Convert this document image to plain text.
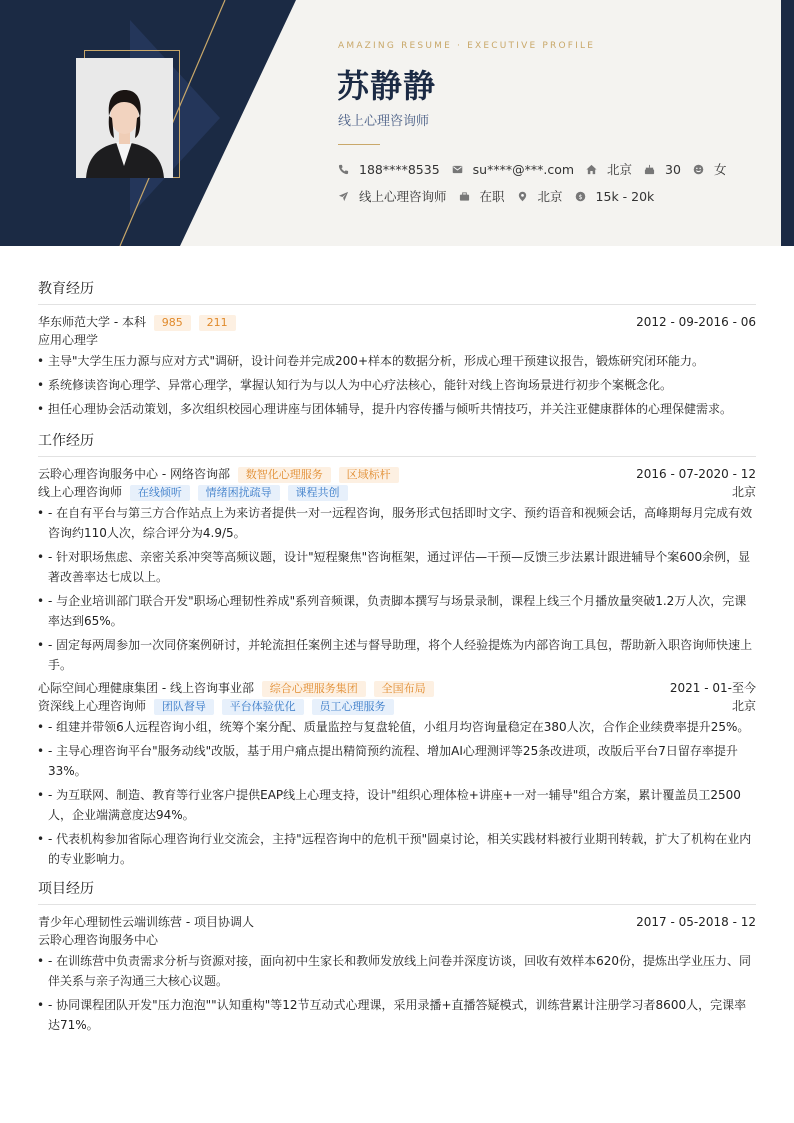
AMAZING RESUME · EXECUTIVE PROFILE
苏静静
线上心理咨询师
188****8535	su****@***.com	北京	30	女
线上心理咨询师	在职	北京 $ 15k - 20k
教育经历
华东师范大学 - 本科 985 211	2012 - 09-2016 - 06
应用心理学
• 主导"大学生压力源与应对方式"调研，设计问卷并完成200+样本的数据分析，形成心理干预建议报告，锻炼研究闭环能力。
• 系统修读咨询心理学、异常心理学，掌握认知行为与以人为中心疗法核心，能针对线上咨询场景进行初步个案概念化。
• 担任心理协会活动策划，多次组织校园心理讲座与团体辅导，提升内容传播与倾听共情技巧，并关注亚健康群体的心理保健需求。
工作经历
云聆心理咨询服务中心 - 网络咨询部 数智化心理服务 区域标杆	2016 - 07-2020 - 12
线上心理咨询师 在线倾听 情绪困扰疏导 课程共创	北京
• - 在自有平台与第三方合作站点上为来访者提供一对一远程咨询，服务形式包括即时文字、预约语音和视频会话，高峰期每月完成有效咨询约110人次，综合评分为4.9/5。
• - 针对职场焦虑、亲密关系冲突等高频议题，设计"短程聚焦"咨询框架，通过评估—干预—反馈三步法累计跟进辅导个案600余例，显著改善率达七成以上。
• - 与企业培训部门联合开发"职场心理韧性养成"系列音频课，负责脚本撰写与场景录制，课程上线三个月播放量突破1.2万人次，完课率达到65%。
• - 固定每两周参加一次同侪案例研讨，并轮流担任案例主述与督导助理，将个人经验提炼为内部咨询工具包，帮助新入职咨询师快速上手。
心际空间心理健康集团 - 线上咨询事业部 综合心理服务集团 全国布局	2021 - 01-至今
资深线上心理咨询师 团队督导 平台体验优化 员工心理服务	北京
• - 组建并带领6人远程咨询小组，统筹个案分配、质量监控与复盘轮值，小组月均咨询量稳定在380人次，合作企业续费率提升25%。
• - 主导心理咨询平台"服务动线"改版，基于用户痛点提出精简预约流程、增加AI心理测评等25条改进项，改版后平台7日留存率提升33%。
• - 为互联网、制造、教育等行业客户提供EAP线上心理支持，设计"组织心理体检+讲座+一对一辅导"组合方案，累计覆盖员工2500人，企业端满意度达94%。
• - 代表机构参加省际心理咨询行业交流会，主持"远程咨询中的危机干预"圆桌讨论，相关实践材料被行业期刊转载，扩大了机构在业内的专业影响力。
项目经历
青少年心理韧性云端训练营 - 项目协调人	2017 - 05-2018 - 12
云聆心理咨询服务中心
• - 在训练营中负责需求分析与资源对接，面向初中生家长和教师发放线上问卷并深度访谈，回收有效样本620份，提炼出学业压力、同伴关系与亲子沟通三大核心议题。
• - 协同课程团队开发"压力泡泡""认知重构"等12节互动式心理课，采用录播+直播答疑模式，训练营累计注册学习者8600人，完课率达71%。
